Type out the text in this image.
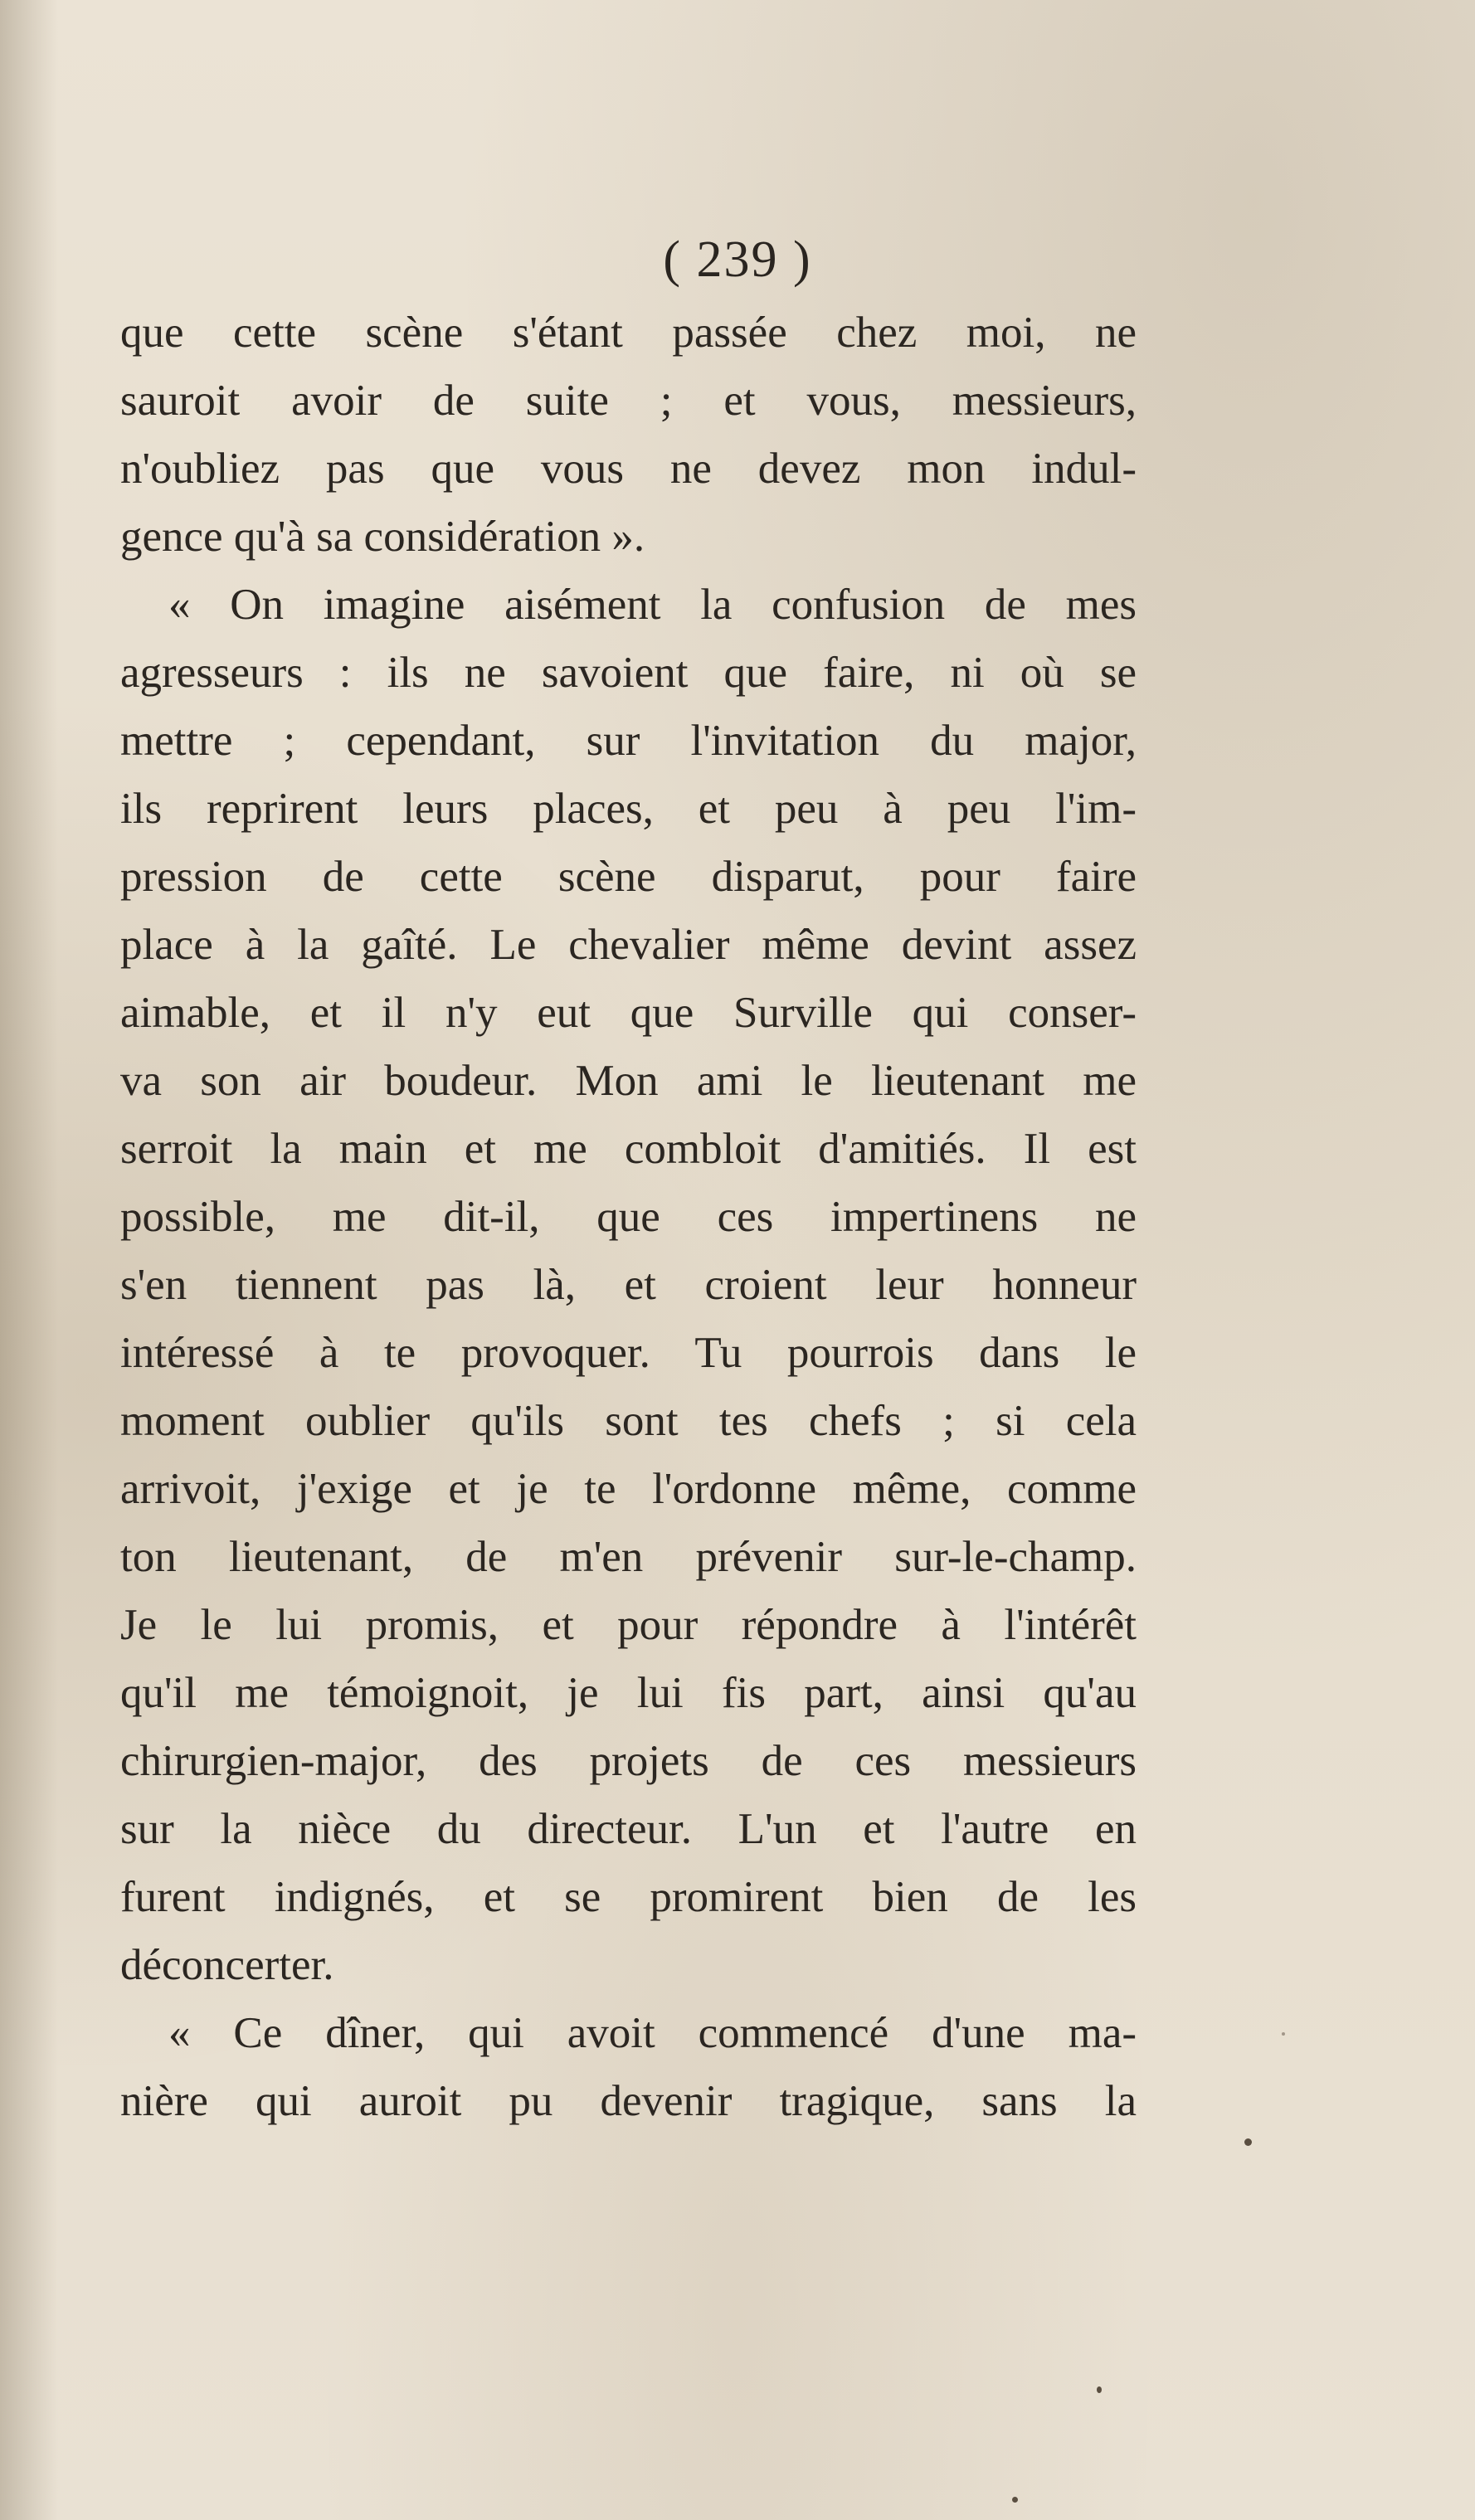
( 239 )
que cette scène s'étant passée chez moi, ne
sauroit avoir de suite ; et vous, messieurs,
n'oubliez pas que vous ne devez mon indul-
gence qu'à sa considération ».
« On imagine aisément la confusion de mes
agresseurs : ils ne savoient que faire, ni où se
mettre ; cependant, sur l'invitation du major,
ils reprirent leurs places, et peu à peu l'im-
pression de cette scène disparut, pour faire
place à la gaîté. Le chevalier même devint assez
aimable, et il n'y eut que Surville qui conser-
va son air boudeur. Mon ami le lieutenant me
serroit la main et me combloit d'amitiés. Il est
possible, me dit-il, que ces impertinens ne
s'en tiennent pas là, et croient leur honneur
intéressé à te provoquer. Tu pourrois dans le
moment oublier qu'ils sont tes chefs ; si cela
arrivoit, j'exige et je te l'ordonne même, comme
ton lieutenant, de m'en prévenir sur-le-champ.
Je le lui promis, et pour répondre à l'intérêt
qu'il me témoignoit, je lui fis part, ainsi qu'au
chirurgien-major, des projets de ces messieurs
sur la nièce du directeur. L'un et l'autre en
furent indignés, et se promirent bien de les
déconcerter.
« Ce dîner, qui avoit commencé d'une ma-
nière qui auroit pu devenir tragique, sans la
